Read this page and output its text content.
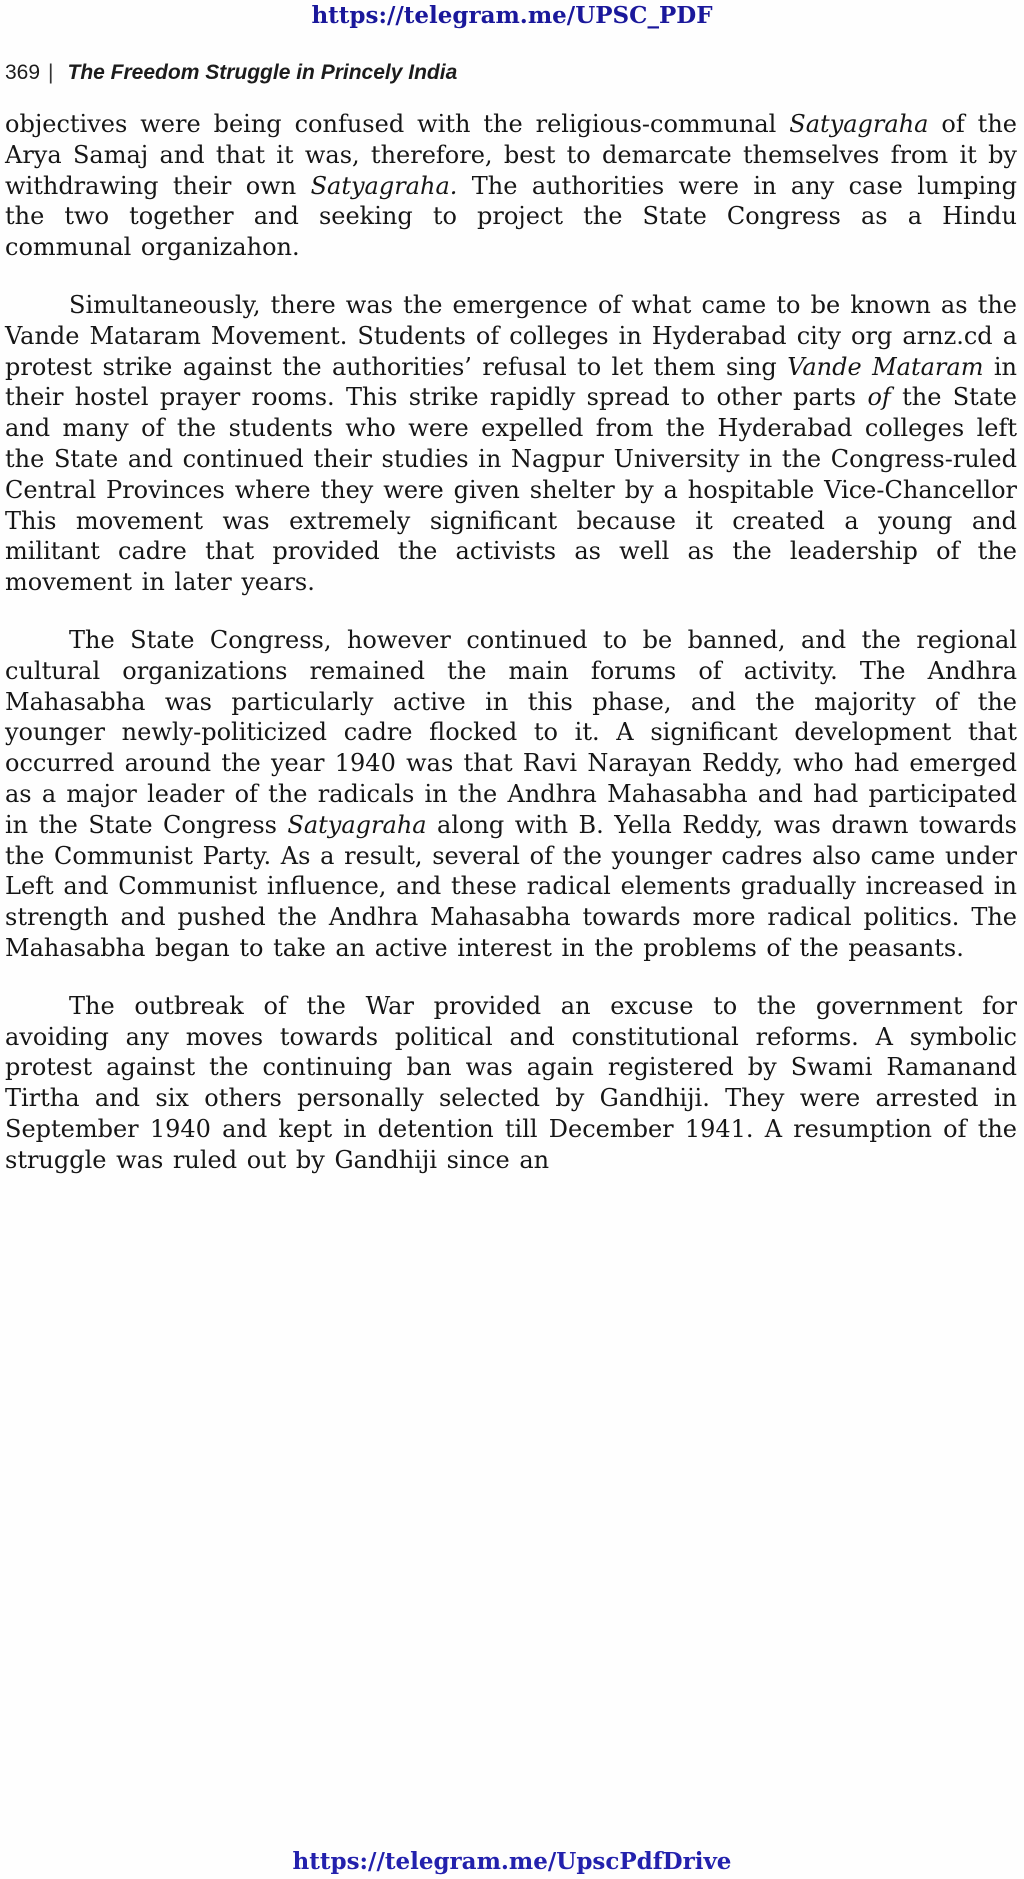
https://telegram.me/UPSC_PDF
369 | The Freedom Struggle in Princely India

objectives were being confused with the religious-communal Satyagraha of the Arya Samaj and that it was, therefore, best to demarcate themselves from it by withdrawing their own Satyagraha. The authorities were in any case lumping the two together and seeking to project the State Congress as a Hindu communal organizahon.

Simultaneously, there was the emergence of what came to be known as the Vande Mataram Movement. Students of colleges in Hyderabad city org arnz.cd a protest strike against the authorities’ refusal to let them sing Vande Mataram in their hostel prayer rooms. This strike rapidly spread to other parts of the State and many of the students who were expelled from the Hyderabad colleges left the State and continued their studies in Nagpur University in the Congress-ruled Central Provinces where they were given shelter by a hospitable Vice-Chancellor This movement was extremely significant because it created a young and militant cadre that provided the activists as well as the leadership of the movement in later years.

The State Congress, however continued to be banned, and the regional cultural organizations remained the main forums of activity. The Andhra Mahasabha was particularly active in this phase, and the majority of the younger newly-politicized cadre flocked to it. A significant development that occurred around the year 1940 was that Ravi Narayan Reddy, who had emerged as a major leader of the radicals in the Andhra Mahasabha and had participated in the State Congress Satyagraha along with B. Yella Reddy, was drawn towards the Communist Party. As a result, several of the younger cadres also came under Left and Communist influence, and these radical elements gradually increased in strength and pushed the Andhra Mahasabha towards more radical politics. The Mahasabha began to take an active interest in the problems of the peasants.

The outbreak of the War provided an excuse to the government for avoiding any moves towards political and constitutional reforms. A symbolic protest against the continuing ban was again registered by Swami Ramanand Tirtha and six others personally selected by Gandhiji. They were arrested in September 1940 and kept in detention till December 1941. A resumption of the struggle was ruled out by Gandhiji since an

https://telegram.me/UpscPdfDrive
